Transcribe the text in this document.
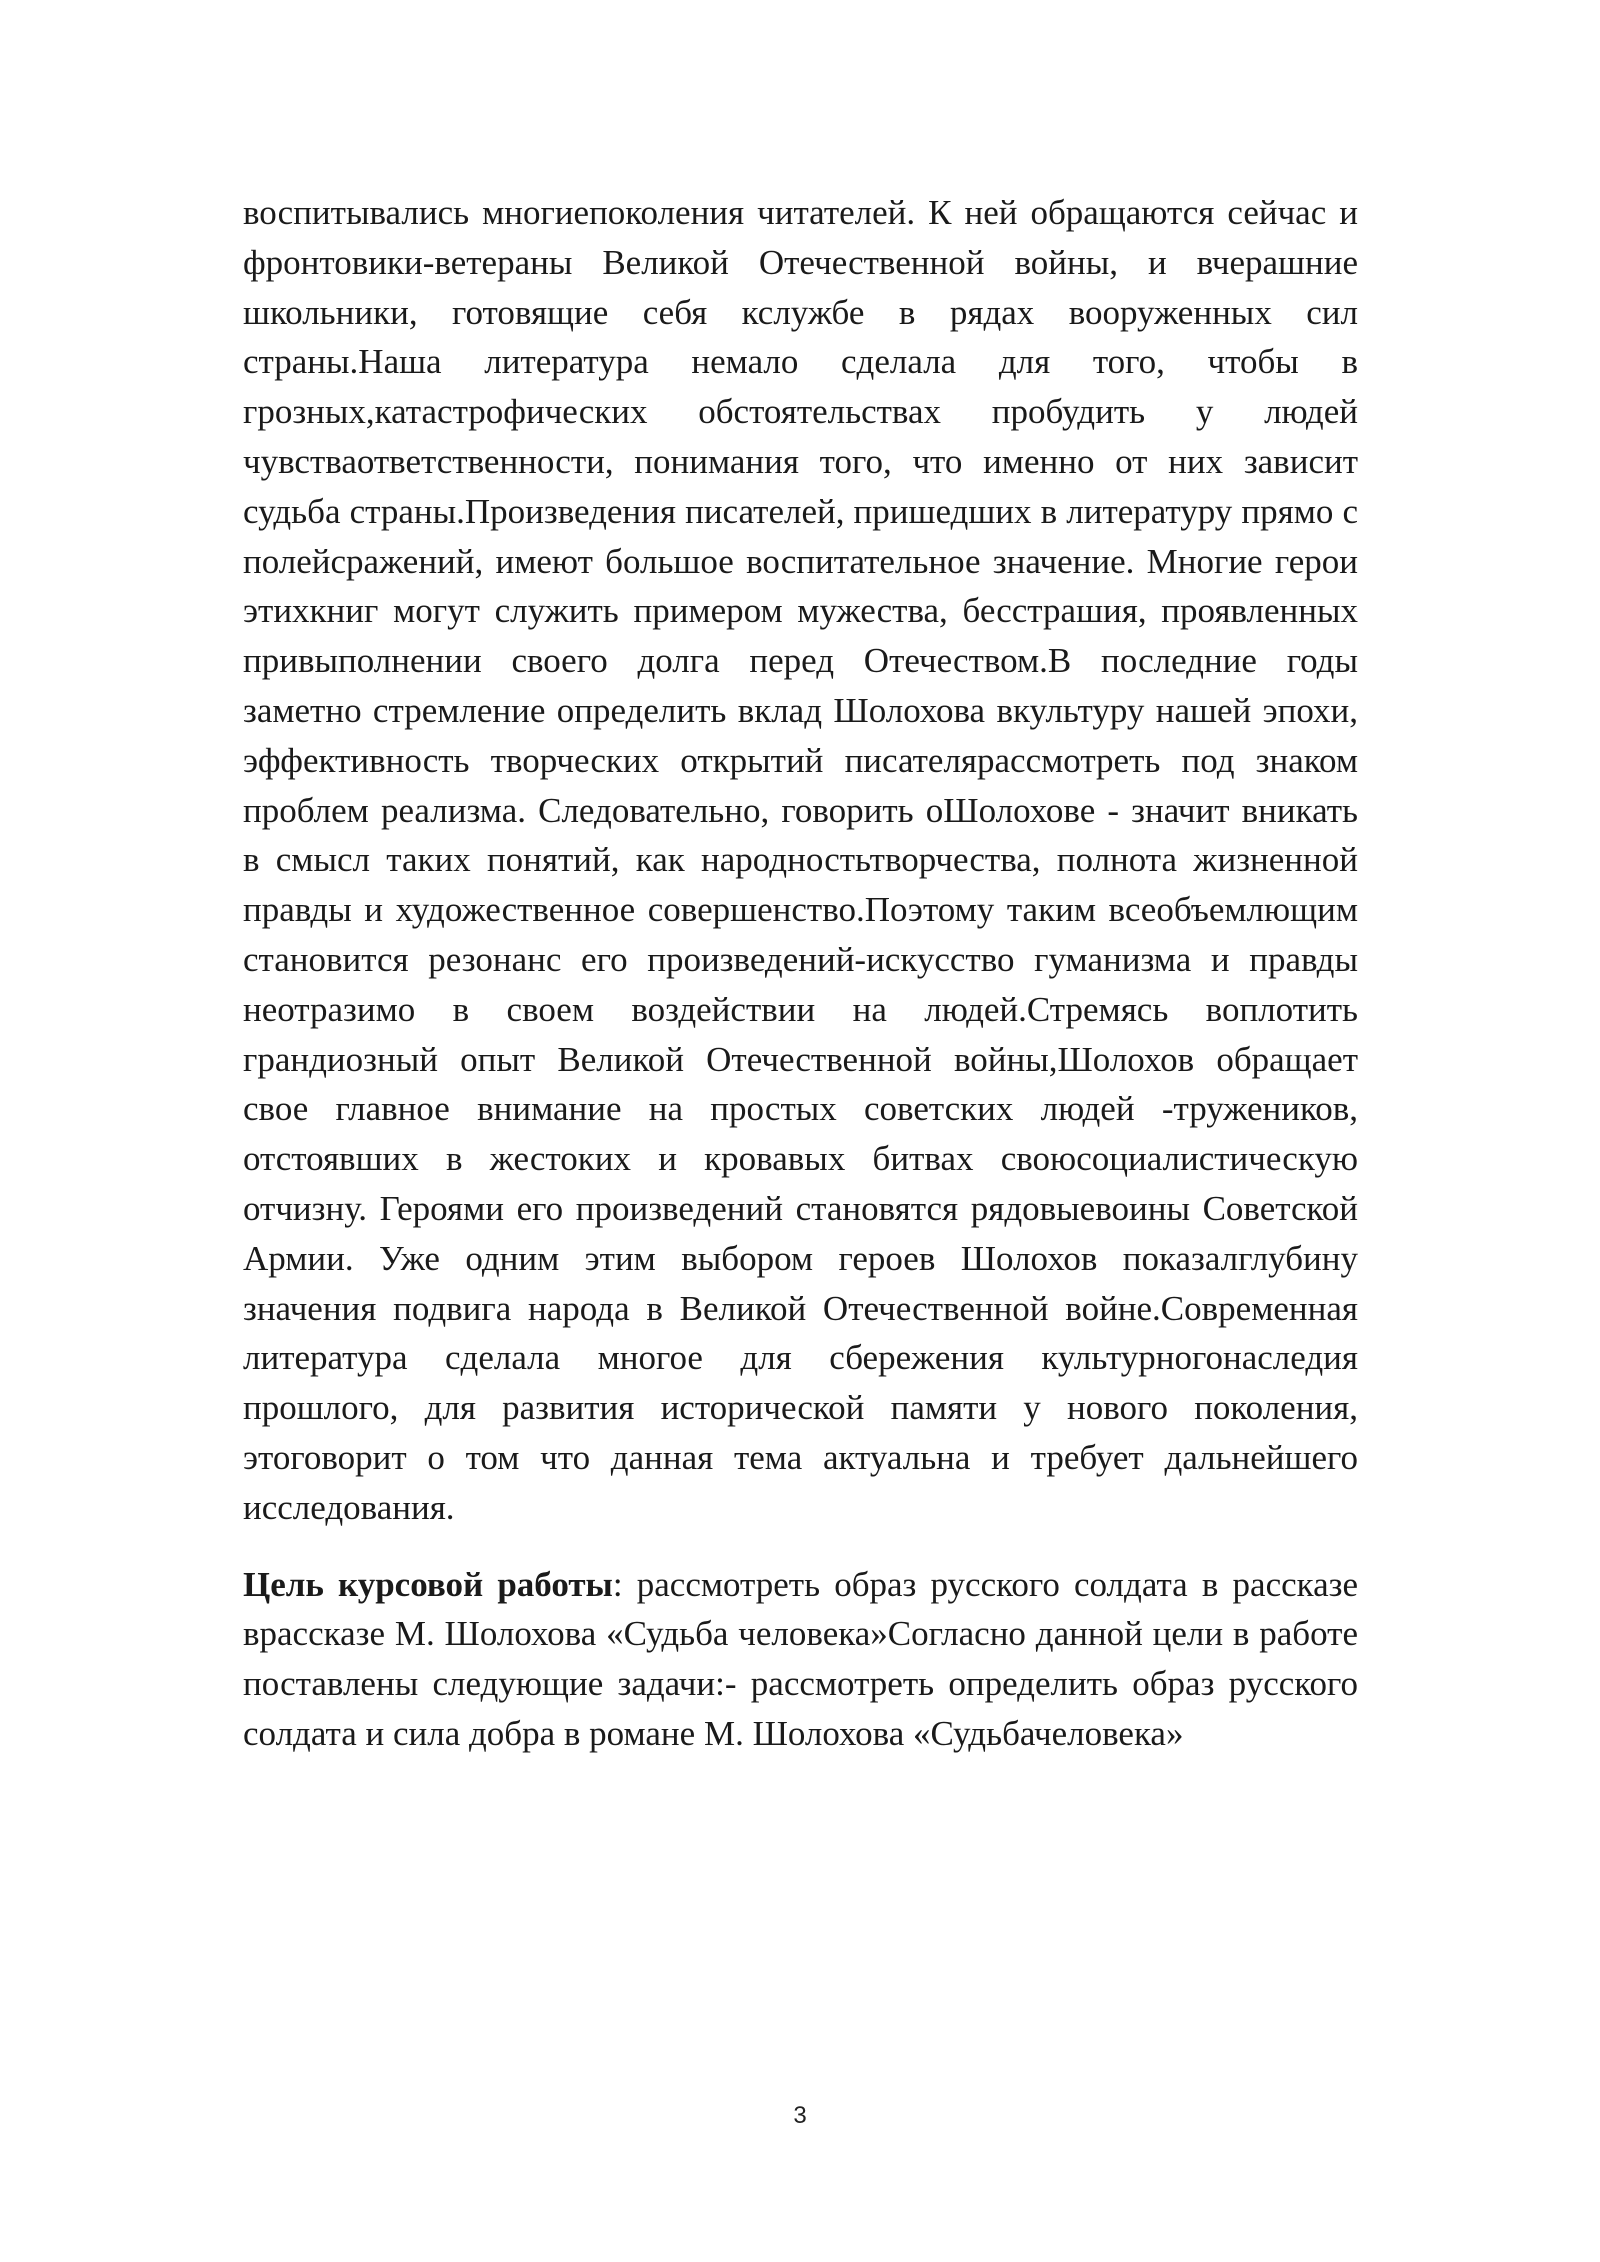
воспитывались многиепоколения читателей. К ней обращаются сейчас и фронтовики-ветераны Великой Отечественной войны, и вчерашние школьники, готовящие себя кслужбе в рядах вооруженных сил страны.Наша литература немало сделала для того, чтобы в грозных,катастрофических обстоятельствах пробудить у людей чувстваответственности, понимания того, что именно от них зависит судьба страны.Произведения писателей, пришедших в литературу прямо с полейсражений, имеют большое воспитательное значение. Многие герои этихкниг могут служить примером мужества, бесстрашия, проявленных привыполнении своего долга перед Отечеством.В последние годы заметно стремление определить вклад Шолохова вкультуру нашей эпохи, эффективность творческих открытий писателярассмотреть под знаком проблем реализма. Следовательно, говорить оШолохове - значит вникать в смысл таких понятий, как народностьтворчества, полнота жизненной правды и художественное совершенство.Поэтому таким всеобъемлющим становится резонанс его произведений-искусство гуманизма и правды неотразимо в своем воздействии на людей.Стремясь воплотить грандиозный опыт Великой Отечественной войны,Шолохов обращает свое главное внимание на простых советских людей -тружеников, отстоявших в жестоких и кровавых битвах своюсоциалистическую отчизну. Героями его произведений становятся рядовыевоины Советской Армии. Уже одним этим выбором героев Шолохов показалглубину значения подвига народа в Великой Отечественной войне.Современная литература сделала многое для сбережения культурногонаследия прошлого, для развития исторической памяти у нового поколения, этоговорит о том что данная тема актуальна и требует дальнейшего исследования.

Цель курсовой работы: рассмотреть образ русского солдата в рассказе врассказе М. Шолохова «Судьба человека»Согласно данной цели в работе поставлены следующие задачи:- рассмотреть определить образ русского солдата и сила добра в романе М. Шолохова «Судьбачеловека»

3
